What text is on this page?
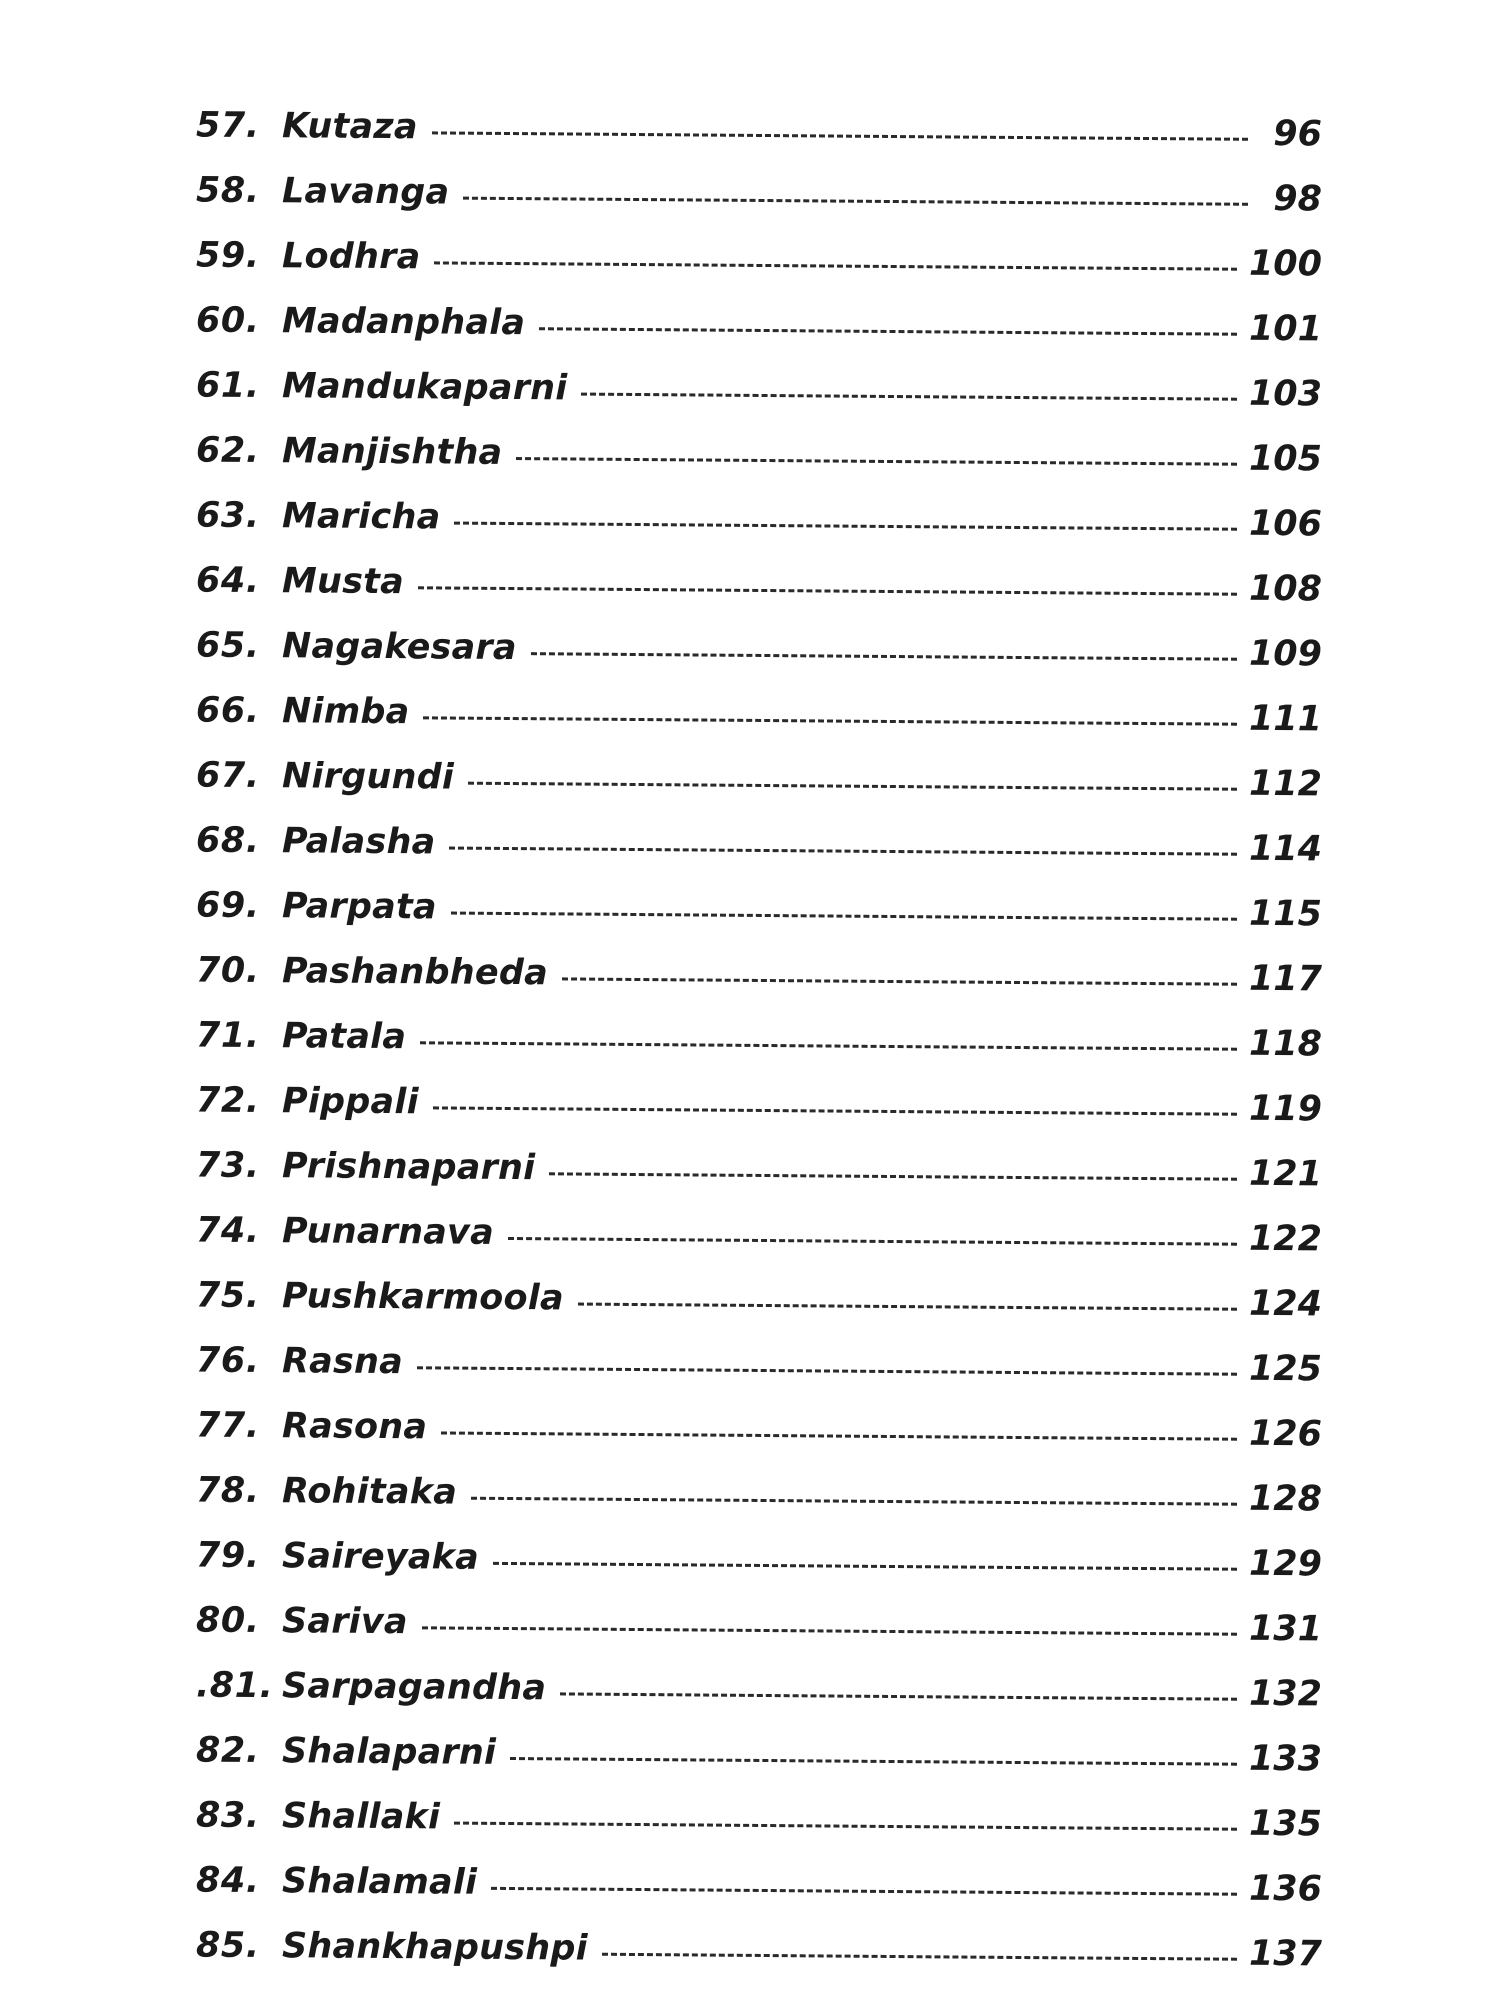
57. Kutaza	96
58. Lavanga	98
59. Lodhra	100
60. Madanphala	101
61. Mandukaparni	103
62. Manjishtha	105
63. Maricha	106
64. Musta	108
65. Nagakesara	109
66. Nimba	111
67. Nirgundi	112
68. Palasha	114
69. Parpata	115
70. Pashanbheda	117
71. Patala	118
72. Pippali	119
73. Prishnaparni	121
74. Punarnava	122
75. Pushkarmoola	124
76. Rasna	125
77. Rasona	126
78. Rohitaka	128
79. Saireyaka	129
80. Sariva	131
.81. Sarpagandha	132
82. Shalaparni	133
83. Shallaki	135
84. Shalamali	136
85. Shankhapushpi	137
